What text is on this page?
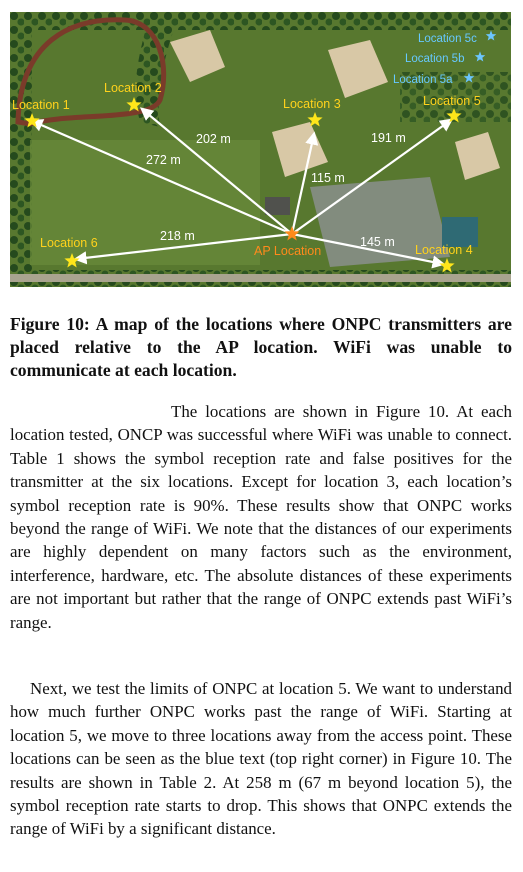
272 m
202 m
115 m
191 m
218 m	145 m
Location 1
Location 2
Location 3
Location 4
Location 5
Location 6
AP Location
Location 5c
Location 5b
Location 5a

Figure 10: A map of the locations where ONPC transmitters are placed relative to the AP location. WiFi was unable to communicate at each location.

The locations are shown in Figure 10. At each location tested, ONCP was successful where WiFi was unable to connect. Table 1 shows the symbol reception rate and false positives for the transmitter at the six locations. Except for location 3, each location’s symbol reception rate is 90%. These results show that ONPC works beyond the range of WiFi. We note that the distances of our experiments are highly dependent on many factors such as the environment, interference, hardware, etc. The absolute distances of these experiments are not important but rather that the range of ONPC extends past WiFi’s range.

Next, we test the limits of ONPC at location 5. We want to understand how much further ONPC works past the range of WiFi. Starting at location 5, we move to three locations away from the access point. These locations can be seen as the blue text (top right corner) in Figure 10. The results are shown in Table 2. At 258 m (67 m beyond location 5), the symbol reception rate starts to drop. This shows that ONPC extends the range of WiFi by a significant distance.
